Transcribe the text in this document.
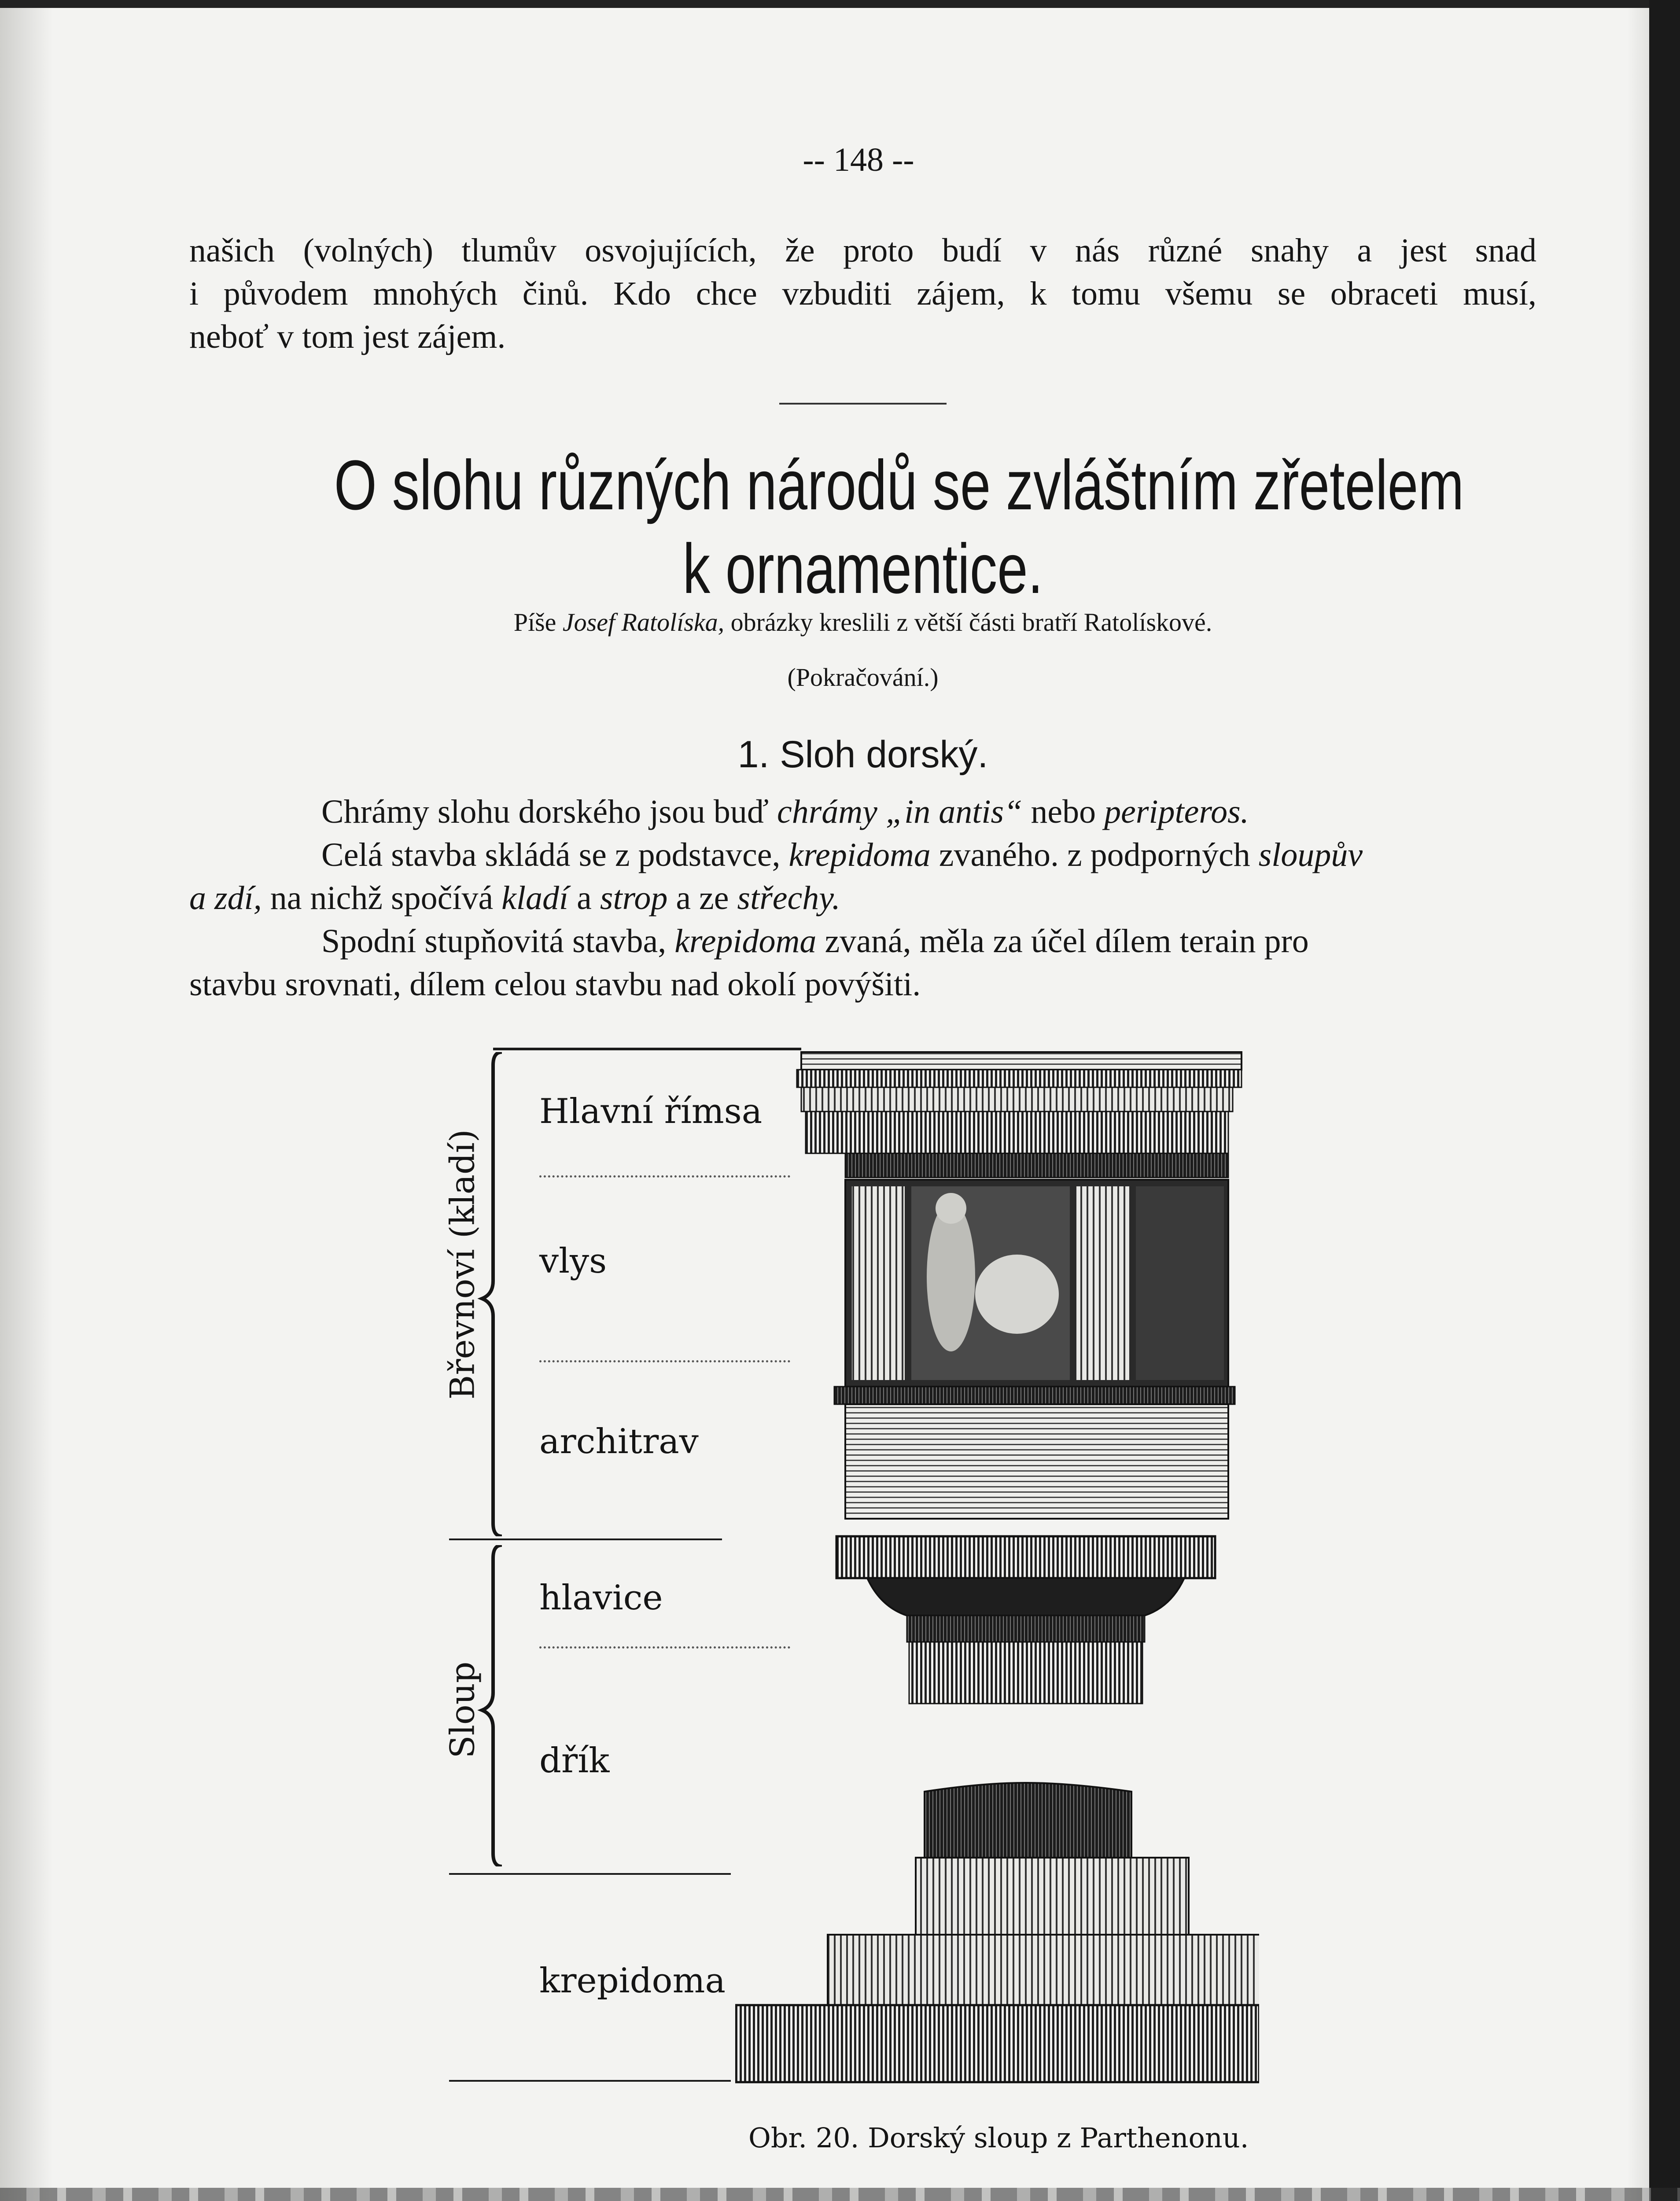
-- 148 --
našich (volných) tlumův osvojujících, že proto budí v nás různé snahy a jest snad
i původem mnohých činů. Kdo chce vzbuditi zájem, k tomu všemu se obraceti musí,
neboť v tom jest zájem.
O slohu různých národů se zvláštním zřetelem
k ornamentice.
Píše Josef Ratolíska, obrázky kreslili z větší části bratří Ratolískové.
(Pokračování.)
1. Sloh dorský.
Chrámy slohu dorského jsou buď chrámy „in antis“ nebo peripteros.
Celá stavba skládá se z podstavce, krepidoma zvaného. z podporných sloupův
a zdí, na nichž spočívá kladí a strop a ze střechy.
Spodní stupňovitá stavba, krepidoma zvaná, měla za účel dílem terain pro
stavbu srovnati, dílem celou stavbu nad okolí povýšiti.
Břevnoví (kladí)
Hlavní římsa
vlys
architrav
Sloup
hlavice
dřík
krepidoma
Obr. 20. Dorský sloup z Parthenonu.
